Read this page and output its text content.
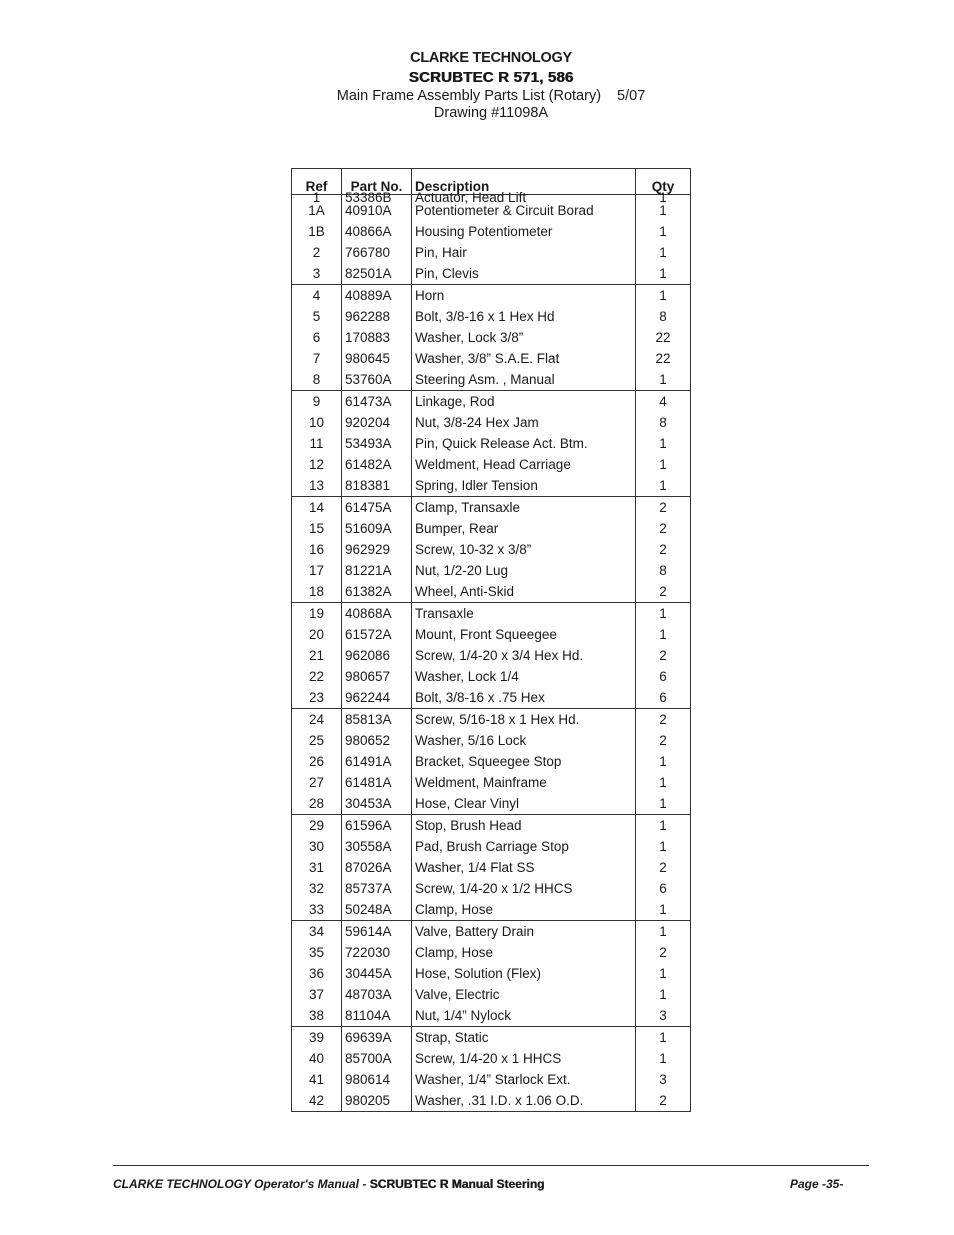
CLARKE TECHNOLOGY
SCRUBTEC R 571, 586
Main Frame Assembly Parts List (Rotary) 5/07
Drawing #11098A
Ref	Part No.	Description	Qty
1	53386B	Actuator, Head Lift	1
1A	40910A	Potentiometer & Circuit Borad	1
1B	40866A	Housing Potentiometer	1
2	766780	Pin, Hair	1
3	82501A	Pin, Clevis	1
4	40889A	Horn	1
5	962288	Bolt, 3/8-16 x 1 Hex Hd	8
6	170883	Washer, Lock 3/8”	22
7	980645	Washer, 3/8” S.A.E. Flat	22
8	53760A	Steering Asm. , Manual	1
9	61473A	Linkage, Rod	4
10	920204	Nut, 3/8-24 Hex Jam	8
11	53493A	Pin, Quick Release Act. Btm.	1
12	61482A	Weldment, Head Carriage	1
13	818381	Spring, Idler Tension	1
14	61475A	Clamp, Transaxle	2
15	51609A	Bumper, Rear	2
16	962929	Screw, 10-32 x 3/8”	2
17	81221A	Nut, 1/2-20 Lug	8
18	61382A	Wheel, Anti-Skid	2
19	40868A	Transaxle	1
20	61572A	Mount, Front Squeegee	1
21	962086	Screw, 1/4-20 x 3/4 Hex Hd.	2
22	980657	Washer, Lock 1/4	6
23	962244	Bolt, 3/8-16 x .75 Hex	6
24	85813A	Screw, 5/16-18 x 1 Hex Hd.	2
25	980652	Washer, 5/16 Lock	2
26	61491A	Bracket, Squeegee Stop	1
27	61481A	Weldment, Mainframe	1
28	30453A	Hose, Clear Vinyl	1
29	61596A	Stop, Brush Head	1
30	30558A	Pad, Brush Carriage Stop	1
31	87026A	Washer, 1/4 Flat SS	2
32	85737A	Screw, 1/4-20 x 1/2 HHCS	6
33	50248A	Clamp, Hose	1
34	59614A	Valve, Battery Drain	1
35	722030	Clamp, Hose	2
36	30445A	Hose, Solution (Flex)	1
37	48703A	Valve, Electric	1
38	81104A	Nut, 1/4” Nylock	3
39	69639A	Strap, Static	1
40	85700A	Screw, 1/4-20 x 1 HHCS	1
41	980614	Washer, 1/4” Starlock Ext.	3
42	980205	Washer, .31 I.D. x 1.06 O.D.	2
CLARKE TECHNOLOGY Operator's Manual - SCRUBTEC R Manual Steering	Page -35-
